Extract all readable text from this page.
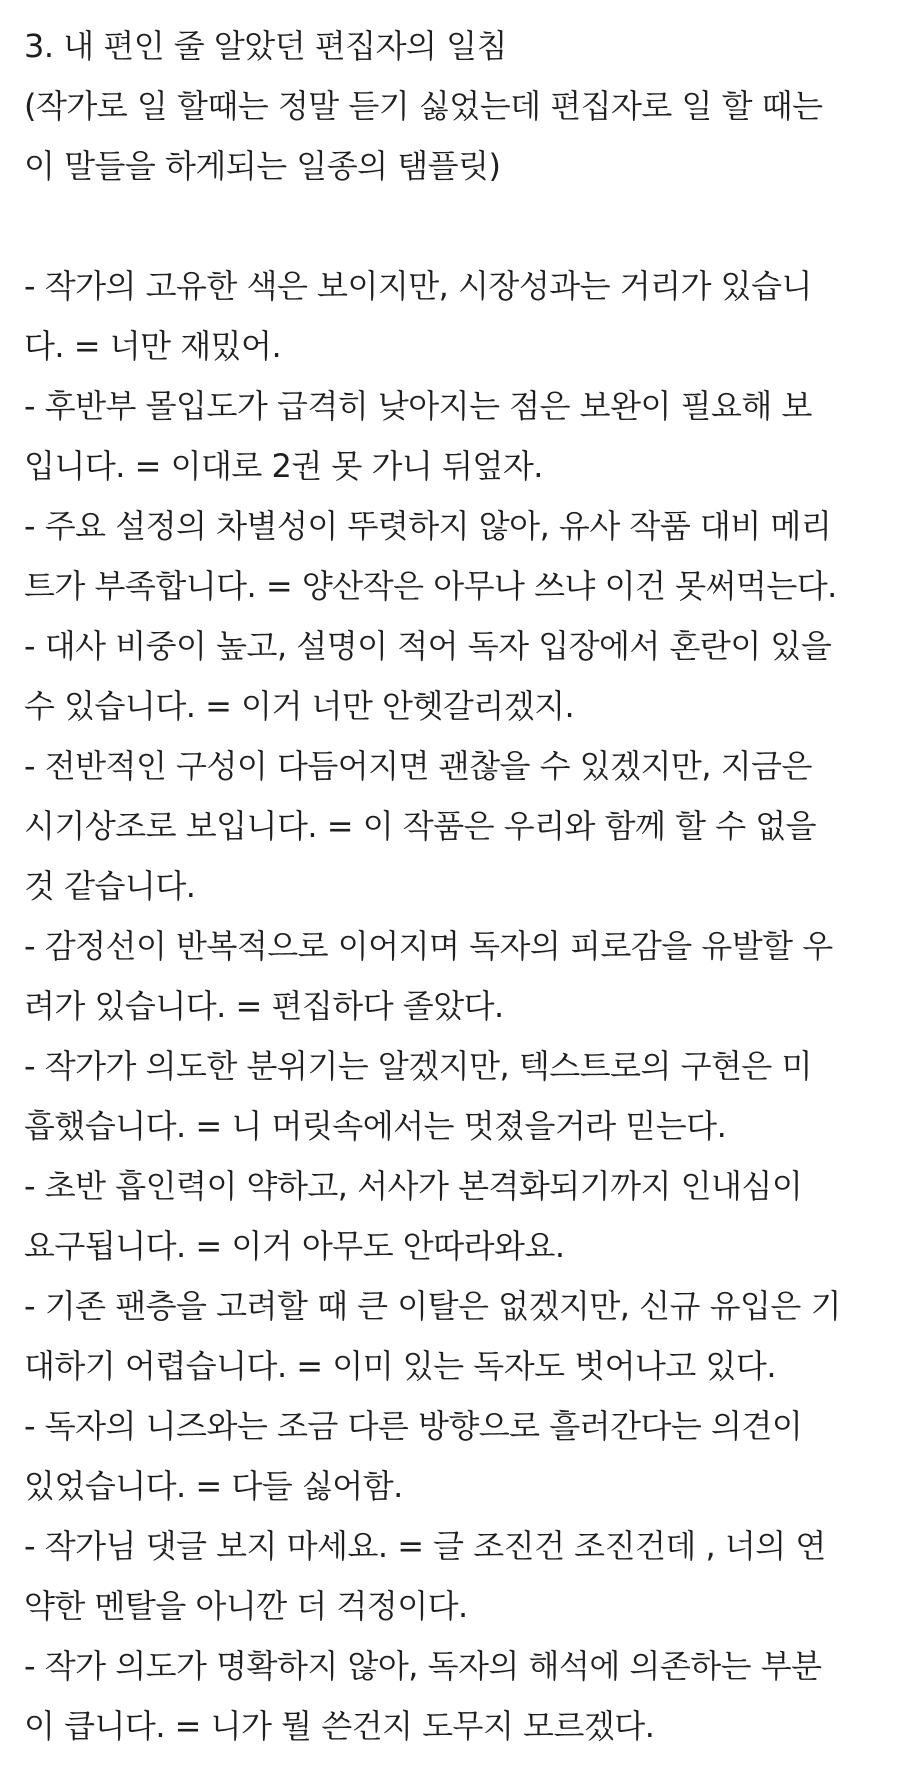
3. 내 편인 줄 알았던 편집자의 일침
(작가로 일 할때는 정말 듣기 싫었는데 편집자로 일 할 때는
이 말들을 하게되는 일종의 탬플릿)
- 작가의 고유한 색은 보이지만, 시장성과는 거리가 있습니
다. = 너만 재밌어.
- 후반부 몰입도가 급격히 낮아지는 점은 보완이 필요해 보
입니다. = 이대로 2권 못 가니 뒤엎자.
- 주요 설정의 차별성이 뚜렷하지 않아, 유사 작품 대비 메리
트가 부족합니다. = 양산작은 아무나 쓰냐 이건 못써먹는다.
- 대사 비중이 높고, 설명이 적어 독자 입장에서 혼란이 있을
수 있습니다. = 이거 너만 안헷갈리겠지.
- 전반적인 구성이 다듬어지면 괜찮을 수 있겠지만, 지금은
시기상조로 보입니다. = 이 작품은 우리와 함께 할 수 없을
것 같습니다.
- 감정선이 반복적으로 이어지며 독자의 피로감을 유발할 우
려가 있습니다. = 편집하다 졸았다.
- 작가가 의도한 분위기는 알겠지만, 텍스트로의 구현은 미
흡했습니다. = 니 머릿속에서는 멋졌을거라 믿는다.
- 초반 흡인력이 약하고, 서사가 본격화되기까지 인내심이
요구됩니다. = 이거 아무도 안따라와요.
- 기존 팬층을 고려할 때 큰 이탈은 없겠지만, 신규 유입은 기
대하기 어렵습니다. = 이미 있는 독자도 벗어나고 있다.
- 독자의 니즈와는 조금 다른 방향으로 흘러간다는 의견이
있었습니다. = 다들 싫어함.
- 작가님 댓글 보지 마세요. = 글 조진건 조진건데 , 너의 연
약한 멘탈을 아니깐 더 걱정이다.
- 작가 의도가 명확하지 않아, 독자의 해석에 의존하는 부분
이 큽니다. = 니가 뭘 쓴건지 도무지 모르겠다.
